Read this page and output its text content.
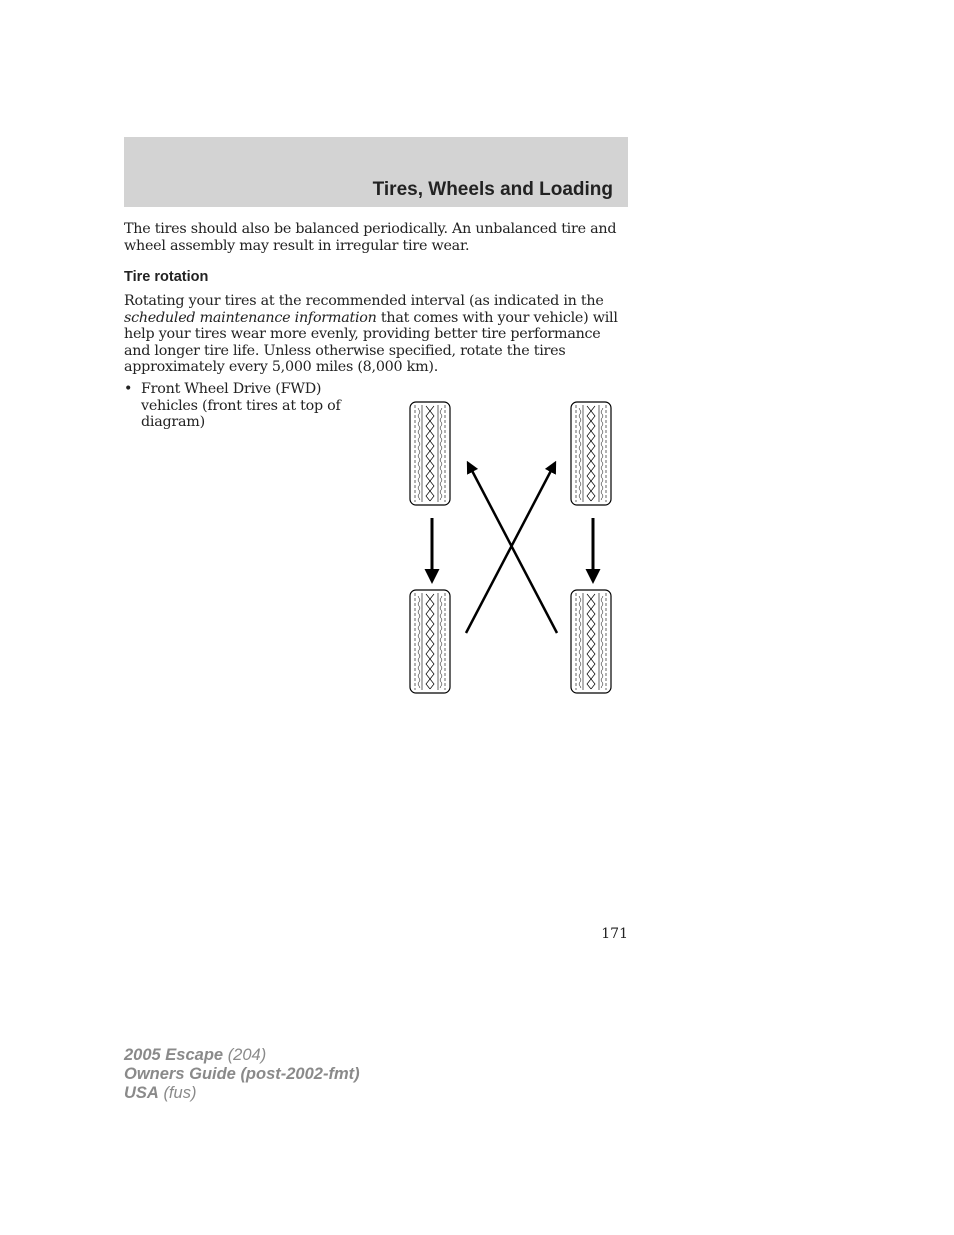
Tires, Wheels and Loading

The tires should also be balanced periodically. An unbalanced tire and wheel assembly may result in irregular tire wear.

Tire rotation

Rotating your tires at the recommended interval (as indicated in the scheduled maintenance information that comes with your vehicle) will help your tires wear more evenly, providing better tire performance and longer tire life. Unless otherwise specified, rotate the tires approximately every 5,000 miles (8,000 km).

• Front Wheel Drive (FWD) vehicles (front tires at top of diagram)
171
2005 Escape (204)
Owners Guide (post-2002-fmt)
USA (fus)
